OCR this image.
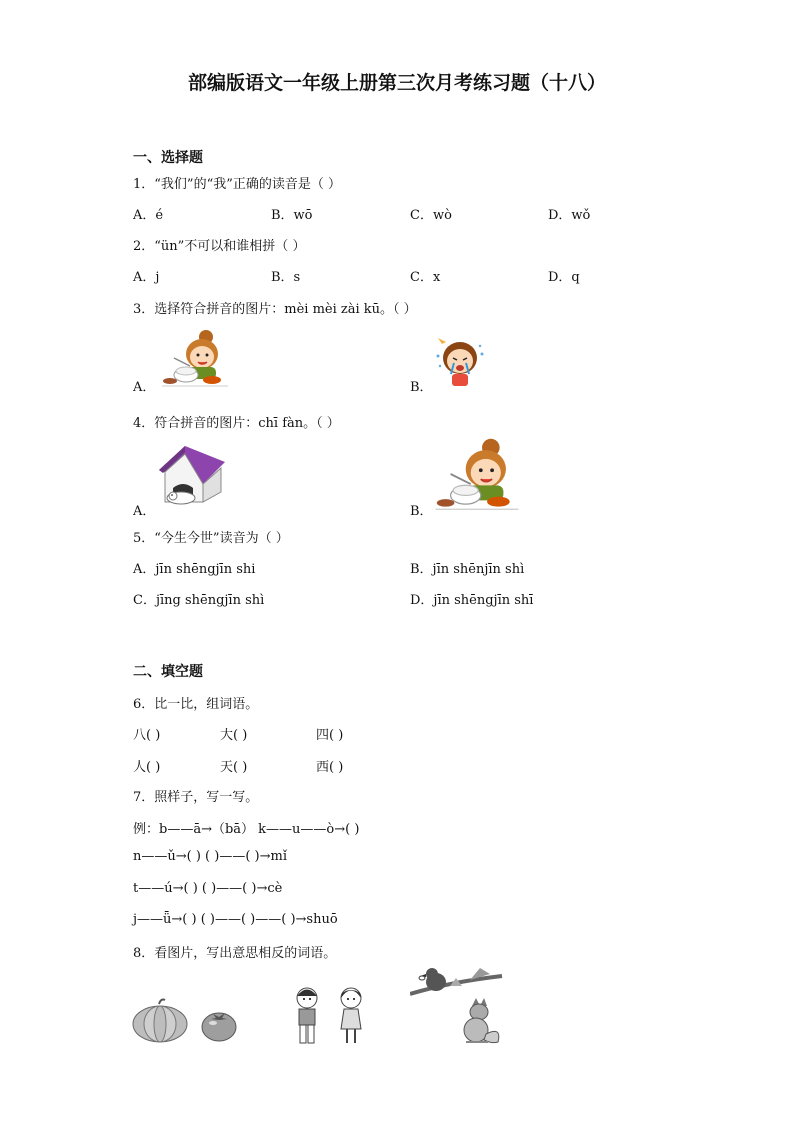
部编版语文一年级上册第三次月考练习题（十八）
一、选择题
1．“我们”的“我”正确的读音是（ ）
A．é	B．wō	C．wò	D．wǒ
2．“ün”不可以和谁相拼（ ）
A．j	B．s	C．x	D．q
3．选择符合拼音的图片：mèi mèi zài kū。（ ）
A．	B．
4．符合拼音的图片：chī fàn。（ ）
A．	B．
5．“今生今世”读音为（ ）
A．jīn shēngjīn shi	B．jīn shēnjīn shì
C．jīng shēngjīn shì	D．jīn shēngjīn shī
二、填空题
6．比一比，组词语。
八( )	大( )	四( )
人( )	天( )	西( )
7．照样子，写一写。
例：b——ā→（bā） k——u——ò→( )
n——ǔ→( ) ( )——( )→mǐ
t——ú→( ) ( )——( )→cè
j——ǖ→( ) ( )——( )——( )→shuō
8．看图片，写出意思相反的词语。
